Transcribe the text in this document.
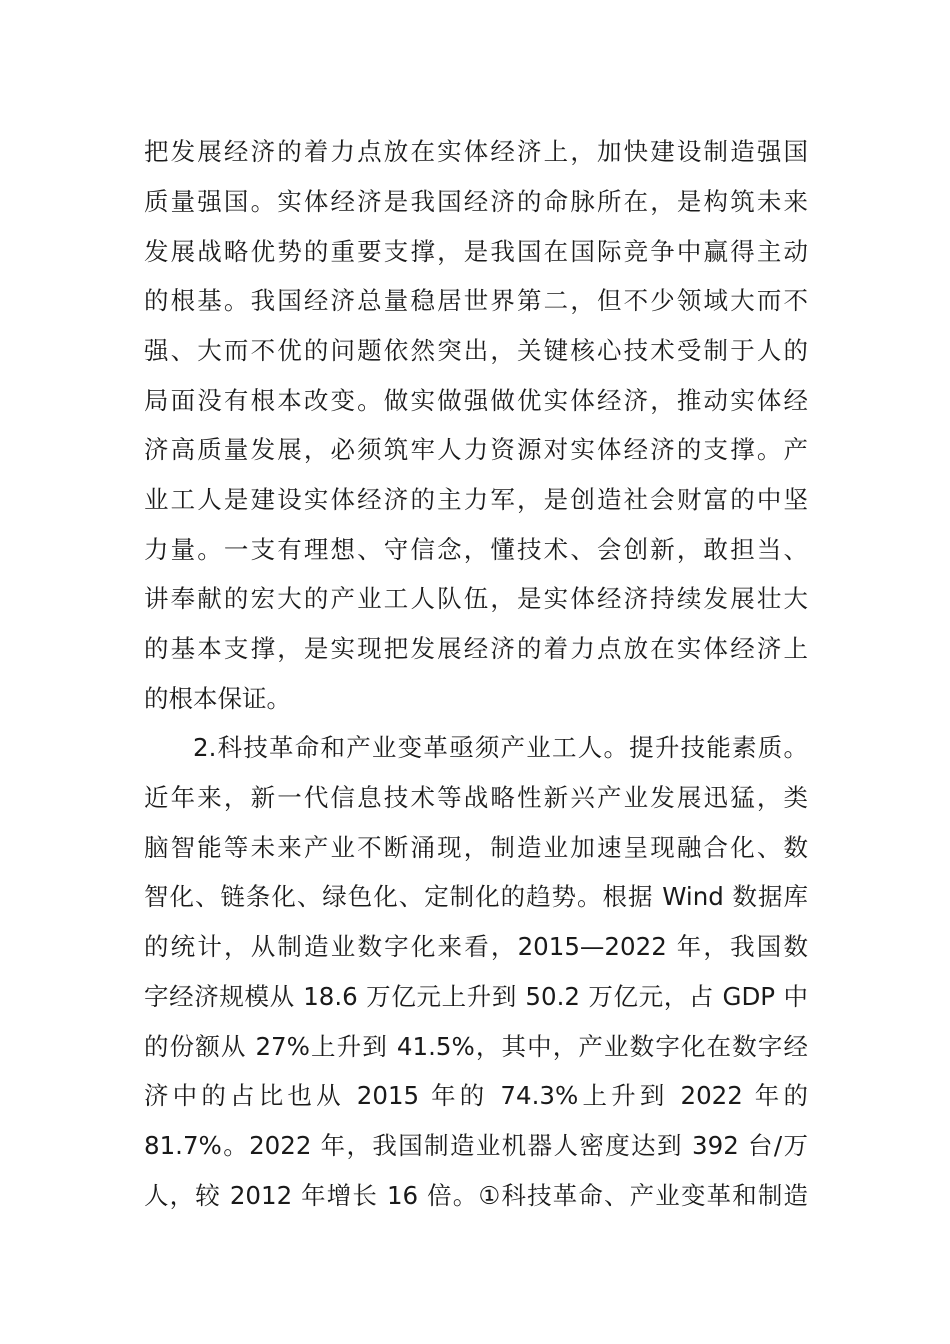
把发展经济的着力点放在实体经济上，加快建设制造强国
质量强国。实体经济是我国经济的命脉所在，是构筑未来
发展战略优势的重要支撑，是我国在国际竞争中赢得主动
的根基。我国经济总量稳居世界第二，但不少领域大而不
强、大而不优的问题依然突出，关键核心技术受制于人的
局面没有根本改变。做实做强做优实体经济，推动实体经
济高质量发展，必须筑牢人力资源对实体经济的支撑。产
业工人是建设实体经济的主力军，是创造社会财富的中坚
力量。一支有理想、守信念，懂技术、会创新，敢担当、
讲奉献的宏大的产业工人队伍，是实体经济持续发展壮大
的基本支撑，是实现把发展经济的着力点放在实体经济上
的根本保证。
2.科技革命和产业变革亟须产业工人。提升技能素质。
近年来，新一代信息技术等战略性新兴产业发展迅猛，类
脑智能等未来产业不断涌现，制造业加速呈现融合化、数
智化、链条化、绿色化、定制化的趋势。根据 Wind 数据库
的统计，从制造业数字化来看，2015—2022 年，我国数
字经济规模从 18.6 万亿元上升到 50.2 万亿元，占 GDP 中
的份额从 27%上升到 41.5%，其中，产业数字化在数字经
济中的占比也从 2015 年的 74.3%上升到 2022 年的
81.7%。2022 年，我国制造业机器人密度达到 392 台/万
人，较 2012 年增长 16 倍。①科技革命、产业变革和制造
